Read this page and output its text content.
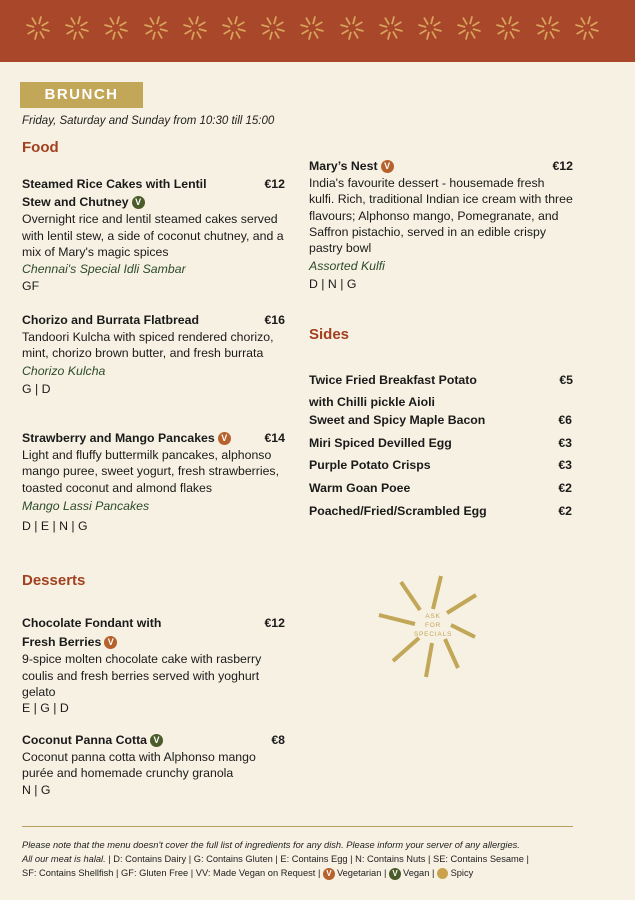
BRUNCH
Friday, Saturday and Sunday from 10:30 till 15:00
Food
Steamed Rice Cakes with Lentil	€12
Stew and Chutney V
Overnight rice and lentil steamed cakes served with lentil stew, a side of coconut chutney, and a mix of Mary's magic spices
Chennai's Special Idli Sambar
GF
Chorizo and Burrata Flatbread	€16
Tandoori Kulcha with spiced rendered chorizo, mint, chorizo brown butter, and fresh burrata
Chorizo Kulcha
G | D
Strawberry and Mango Pancakes V	€14
Light and fluffy buttermilk pancakes, alphonso mango puree, sweet yogurt, fresh strawberries, toasted coconut and almond flakes
Mango Lassi Pancakes
D | E | N | G
Desserts
Chocolate Fondant with	€12
Fresh Berries V
9-spice molten chocolate cake with rasberry coulis and fresh berries served with yoghurt gelato
E | G | D
Coconut Panna Cotta V	€8
Coconut panna cotta with Alphonso mango purée and homemade crunchy granola
N | G
Mary’s Nest V	€12
India's favourite dessert - housemade fresh kulfi. Rich, traditional Indian ice cream with three flavours; Alphonso mango, Pomegranate, and Saffron pistachio, served in an edible crispy pastry bowl
Assorted Kulfi
D | N | G
Sides
Twice Fried Breakfast Potato
with Chilli pickle Aioli
€5
Sweet and Spicy Maple Bacon	€6
Miri Spiced Devilled Egg	€3
Purple Potato Crisps	€3
Warm Goan Poee	€2
Poached/Fried/Scrambled Egg	€2
ASK
FOR
SPECIALS
Please note that the menu doesn't cover the full list of ingredients for any dish. Please inform your server of any allergies.
All our meat is halal. | D: Contains Dairy | G: Contains Gluten | E: Contains Egg | N: Contains Nuts | SE: Contains Sesame |
SF: Contains Shellfish | GF: Gluten Free | VV: Made Vegan on Request | V Vegetarian | V Vegan |  Spicy
